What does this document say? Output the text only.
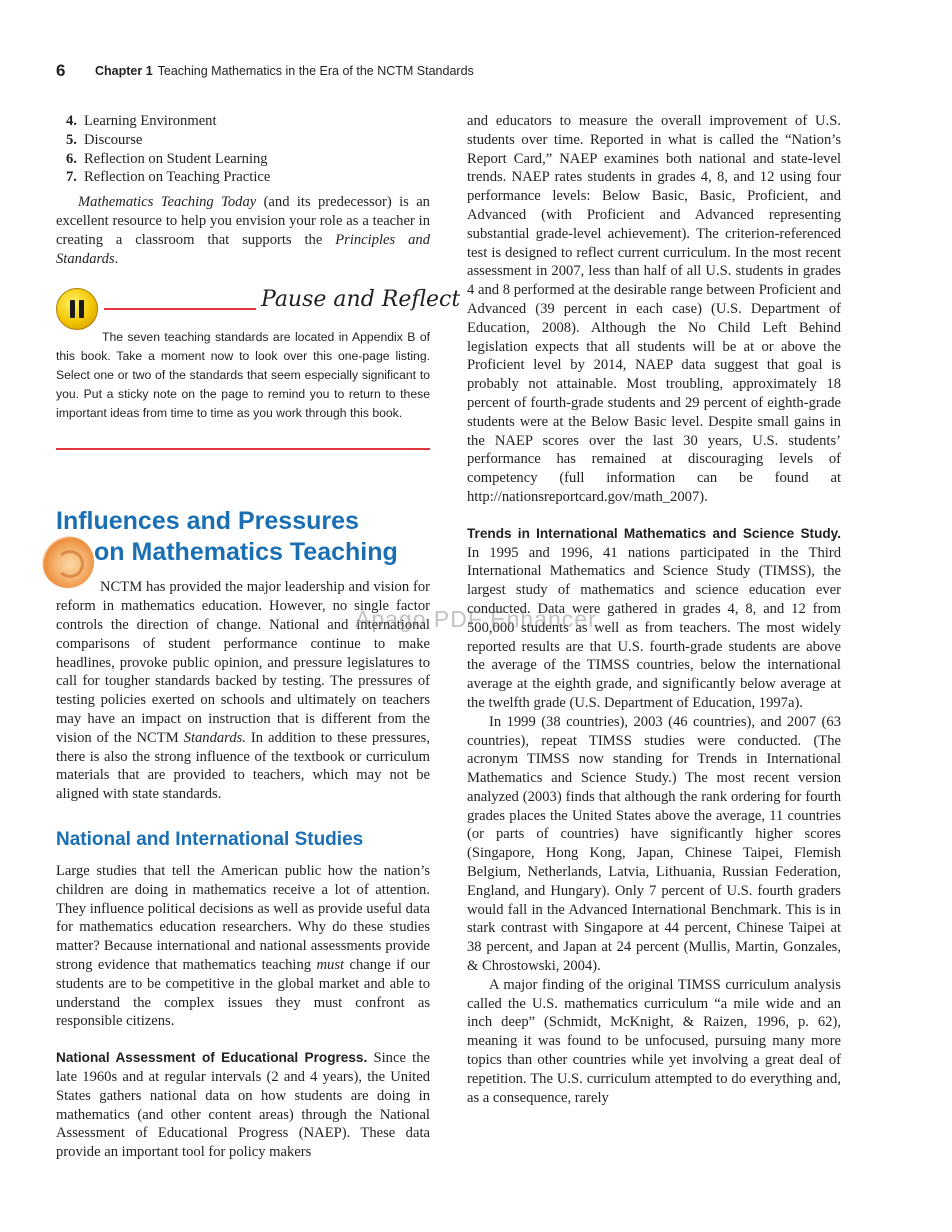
6 Chapter 1 Teaching Mathematics in the Era of the NCTM Standards
4. Learning Environment
5. Discourse
6. Reflection on Student Learning
7. Reflection on Teaching Practice

Mathematics Teaching Today (and its predecessor) is an excellent resource to help you envision your role as a teacher in creating a classroom that supports the Principles and Standards.

Pause and Reflect
The seven teaching standards are located in Appendix B of this book. Take a moment now to look over this one-page listing. Select one or two of the standards that seem especially significant to you. Put a sticky note on the page to remind you to return to these important ideas from time to time as you work through this book.
Influences and Pressures
on Mathematics Teaching

NCTM has provided the major leadership and vision for reform in mathematics education. However, no single factor controls the direction of change. National and international comparisons of student performance continue to make headlines, provoke public opinion, and pressure legislatures to call for tougher standards backed by testing. The pressures of testing policies exerted on schools and ultimately on teachers may have an impact on instruction that is different from the vision of the NCTM Standards. In addition to these pressures, there is also the strong influence of the textbook or curriculum materials that are provided to teachers, which may not be aligned with state standards.

National and International Studies

Large studies that tell the American public how the nation’s children are doing in mathematics receive a lot of attention. They influence political decisions as well as provide useful data for mathematics education researchers. Why do these studies matter? Because international and national assessments provide strong evidence that mathematics teaching must change if our students are to be competitive in the global market and able to understand the complex issues they must confront as responsible citizens.

National Assessment of Educational Progress. Since the late 1960s and at regular intervals (2 and 4 years), the United States gathers national data on how students are doing in mathematics (and other content areas) through the National Assessment of Educational Progress (NAEP). These data provide an important tool for policy makers

and educators to measure the overall improvement of U.S. students over time. Reported in what is called the “Nation’s Report Card,” NAEP examines both national and state-level trends. NAEP rates students in grades 4, 8, and 12 using four performance levels: Below Basic, Basic, Proficient, and Advanced (with Proficient and Advanced representing substantial grade-level achievement). The criterion-referenced test is designed to reflect current curriculum. In the most recent assessment in 2007, less than half of all U.S. students in grades 4 and 8 performed at the desirable range between Proficient and Advanced (39 percent in each case) (U.S. Department of Education, 2008). Although the No Child Left Behind legislation expects that all students will be at or above the Proficient level by 2014, NAEP data suggest that goal is probably not attainable. Most troubling, approximately 18 percent of fourth-grade students and 29 percent of eighth-grade students were at the Below Basic level. Despite small gains in the NAEP scores over the last 30 years, U.S. students’ performance has remained at discouraging levels of competency (full information can be found at http://nationsreportcard.gov/math_2007).

Trends in International Mathematics and Science Study. In 1995 and 1996, 41 nations participated in the Third International Mathematics and Science Study (TIMSS), the largest study of mathematics and science education ever conducted. Data were gathered in grades 4, 8, and 12 from 500,000 students as well as from teachers. The most widely reported results are that U.S. fourth-grade students are above the average of the TIMSS countries, below the international average at the eighth grade, and significantly below average at the twelfth grade (U.S. Department of Education, 1997a).

In 1999 (38 countries), 2003 (46 countries), and 2007 (63 countries), repeat TIMSS studies were conducted. (The acronym TIMSS now standing for Trends in International Mathematics and Science Study.) The most recent version analyzed (2003) finds that although the rank ordering for fourth grades places the United States above the average, 11 countries (or parts of countries) have significantly higher scores (Singapore, Hong Kong, Japan, Chinese Taipei, Flemish Belgium, Netherlands, Latvia, Lithuania, Russian Federation, England, and Hungary). Only 7 percent of U.S. fourth graders would fall in the Advanced International Benchmark. This is in stark contrast with Singapore at 44 percent, Chinese Taipei at 38 percent, and Japan at 24 percent (Mullis, Martin, Gonzales, & Chrostowski, 2004).

A major finding of the original TIMSS curriculum analysis called the U.S. mathematics curriculum “a mile wide and an inch deep” (Schmidt, McKnight, & Raizen, 1996, p. 62), meaning it was found to be unfocused, pursuing many more topics than other countries while yet involving a great deal of repetition. The U.S. curriculum attempted to do everything and, as a consequence, rarely

Apago PDF Enhancer
